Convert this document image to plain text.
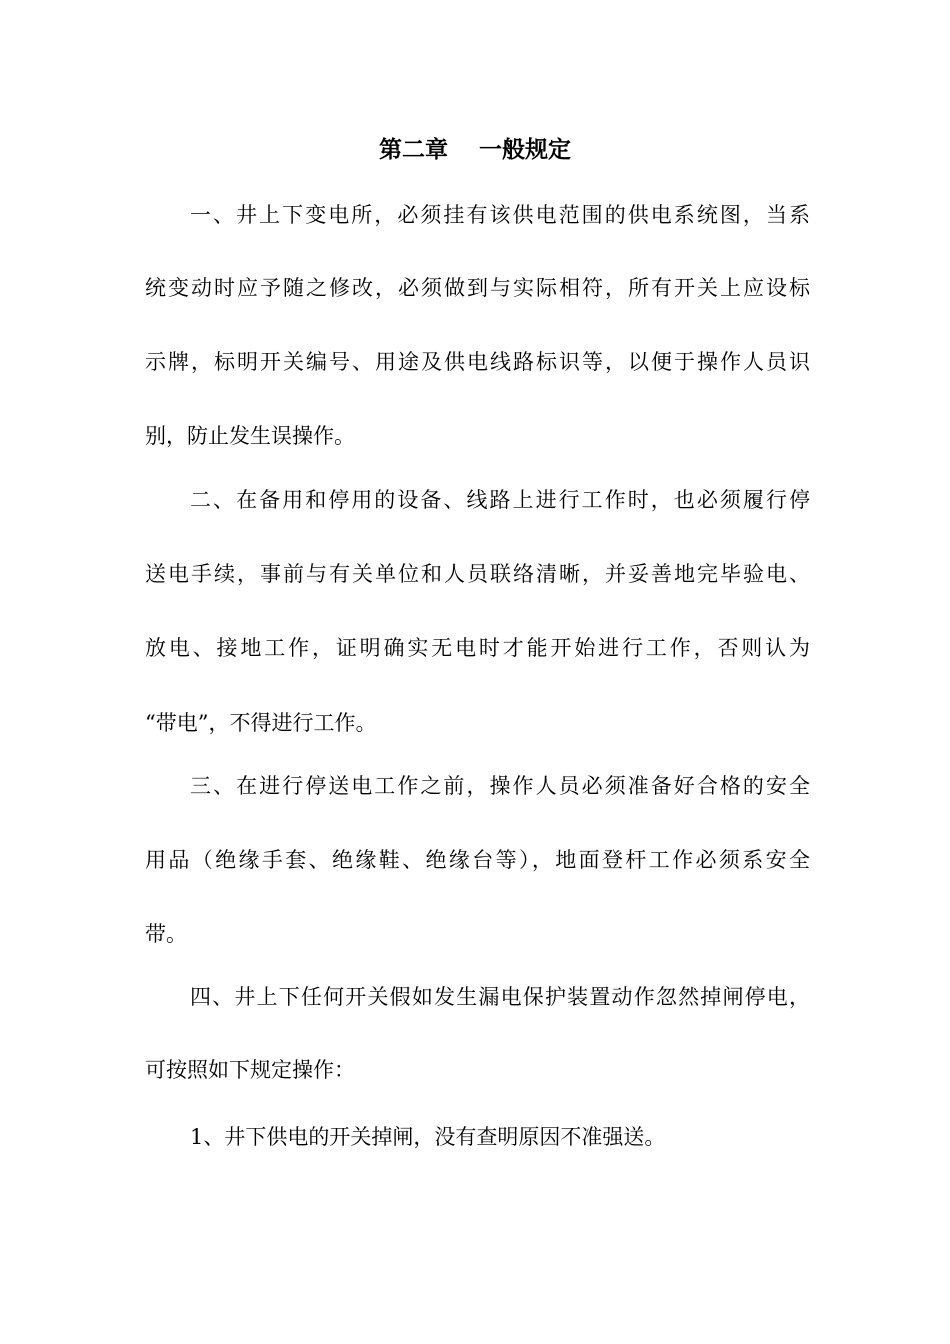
第二章　 一般规定

一、井上下变电所，必须挂有该供电范围的供电系统图，当系

统变动时应予随之修改，必须做到与实际相符，所有开关上应设标

示牌，标明开关编号、用途及供电线路标识等，以便于操作人员识

别，防止发生误操作。

二、在备用和停用的设备、线路上进行工作时，也必须履行停

送电手续，事前与有关单位和人员联络清晰，并妥善地完毕验电、

放电、接地工作，证明确实无电时才能开始进行工作，否则认为

“带电”，不得进行工作。

三、在进行停送电工作之前，操作人员必须准备好合格的安全

用品（绝缘手套、绝缘鞋、绝缘台等），地面登杆工作必须系安全

带。

四、井上下任何开关假如发生漏电保护装置动作忽然掉闸停电，

可按照如下规定操作：

1、井下供电的开关掉闸，没有查明原因不准强送。
